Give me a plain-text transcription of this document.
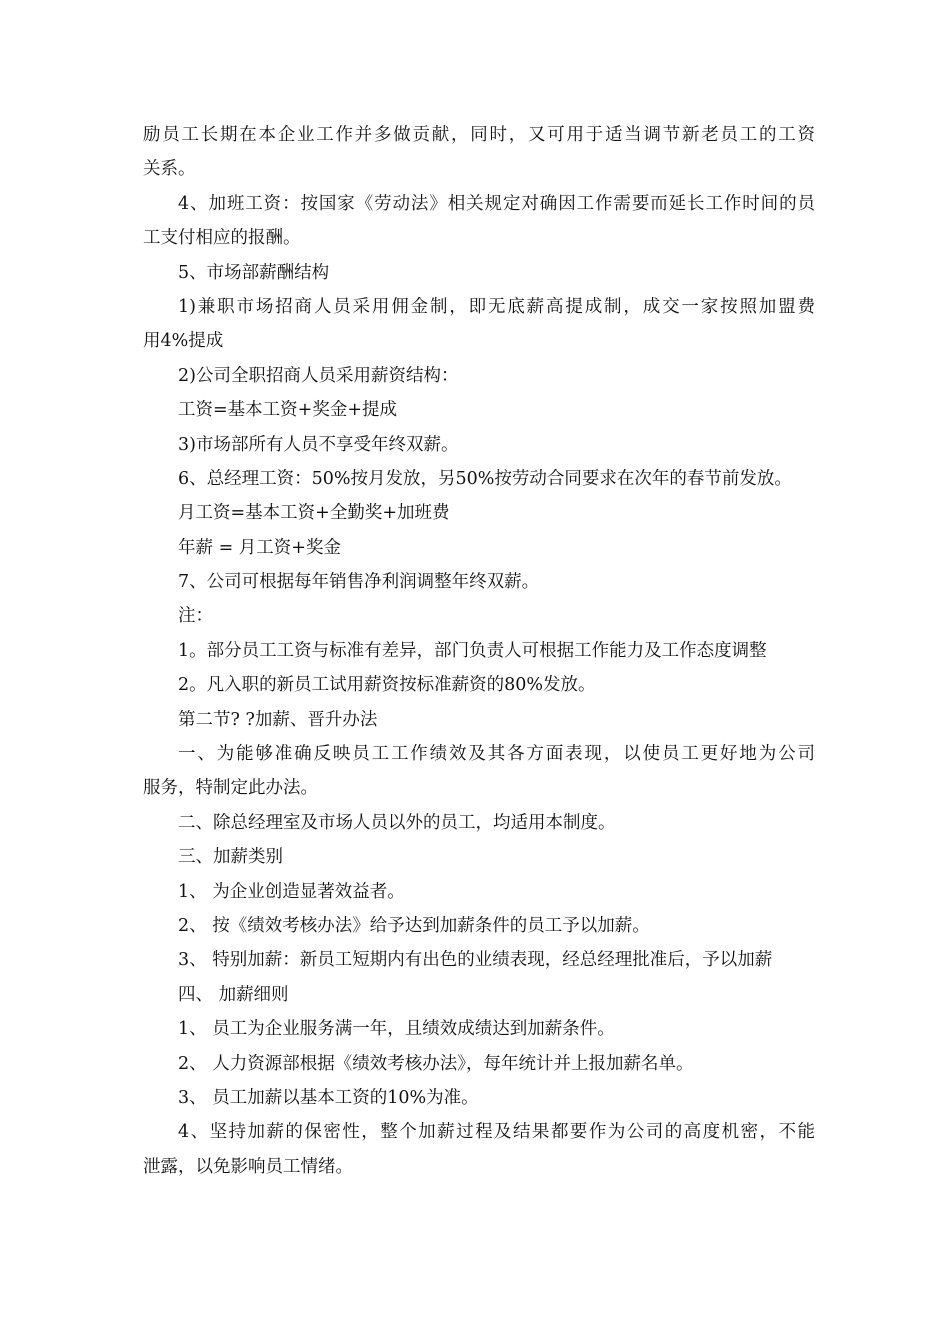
励员工长期在本企业工作并多做贡献，同时，又可用于适当调节新老员工的工资
关系。
4、加班工资：按国家《劳动法》相关规定对确因工作需要而延长工作时间的员
工支付相应的报酬。
5、市场部薪酬结构
1)兼职市场招商人员采用佣金制，即无底薪高提成制，成交一家按照加盟费
用4%提成
2)公司全职招商人员采用薪资结构：
工资=基本工资+奖金+提成
3)市场部所有人员不享受年终双薪。
6、总经理工资：50%按月发放，另50%按劳动合同要求在次年的春节前发放。
月工资=基本工资+全勤奖+加班费
年薪 = 月工资+奖金
7、公司可根据每年销售净利润调整年终双薪。
注：
1。部分员工工资与标准有差异，部门负责人可根据工作能力及工作态度调整
2。凡入职的新员工试用薪资按标准薪资的80%发放。
第二节? ?加薪、晋升办法
一、为能够准确反映员工工作绩效及其各方面表现，以使员工更好地为公司
服务，特制定此办法。
二、除总经理室及市场人员以外的员工，均适用本制度。
三、加薪类别
1、 为企业创造显著效益者。
2、 按《绩效考核办法》给予达到加薪条件的员工予以加薪。
3、 特别加薪：新员工短期内有出色的业绩表现，经总经理批准后，予以加薪
四、 加薪细则
1、 员工为企业服务满一年，且绩效成绩达到加薪条件。
2、 人力资源部根据《绩效考核办法》，每年统计并上报加薪名单。
3、 员工加薪以基本工资的10%为准。
4、坚持加薪的保密性，整个加薪过程及结果都要作为公司的高度机密，不能
泄露，以免影响员工情绪。
